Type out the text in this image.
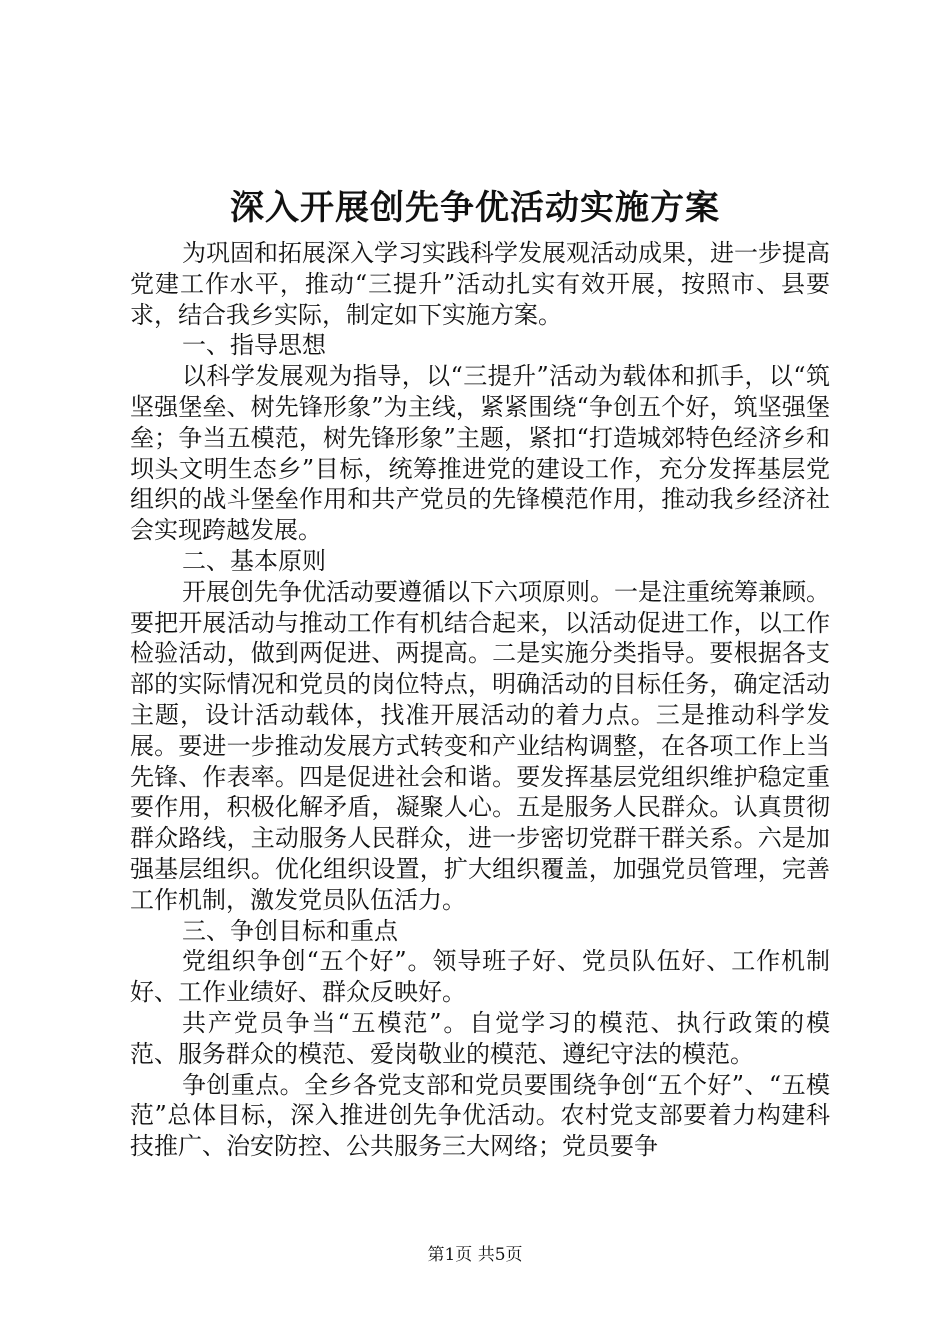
深入开展创先争优活动实施方案

为巩固和拓展深入学习实践科学发展观活动成果，进一步提高党建工作水平，推动“三提升”活动扎实有效开展，按照市、县要求，结合我乡实际，制定如下实施方案。

一、指导思想

以科学发展观为指导，以“三提升”活动为载体和抓手，以“筑坚强堡垒、树先锋形象”为主线，紧紧围绕“争创五个好，筑坚强堡垒；争当五模范，树先锋形象”主题，紧扣“打造城郊特色经济乡和坝头文明生态乡”目标，统筹推进党的建设工作，充分发挥基层党组织的战斗堡垒作用和共产党员的先锋模范作用，推动我乡经济社会实现跨越发展。

二、基本原则

开展创先争优活动要遵循以下六项原则。一是注重统筹兼顾。要把开展活动与推动工作有机结合起来，以活动促进工作，以工作检验活动，做到两促进、两提高。二是实施分类指导。要根据各支部的实际情况和党员的岗位特点，明确活动的目标任务，确定活动主题，设计活动载体，找准开展活动的着力点。三是推动科学发展。要进一步推动发展方式转变和产业结构调整，在各项工作上当先锋、作表率。四是促进社会和谐。要发挥基层党组织维护稳定重要作用，积极化解矛盾，凝聚人心。五是服务人民群众。认真贯彻群众路线，主动服务人民群众，进一步密切党群干群关系。六是加强基层组织。优化组织设置，扩大组织覆盖，加强党员管理，完善工作机制，激发党员队伍活力。

三、争创目标和重点

党组织争创“五个好”。领导班子好、党员队伍好、工作机制好、工作业绩好、群众反映好。

共产党员争当“五模范”。自觉学习的模范、执行政策的模范、服务群众的模范、爱岗敬业的模范、遵纪守法的模范。

争创重点。全乡各党支部和党员要围绕争创“五个好”、“五模范”总体目标，深入推进创先争优活动。农村党支部要着力构建科技推广、治安防控、公共服务三大网络；党员要争

第1页 共5页
